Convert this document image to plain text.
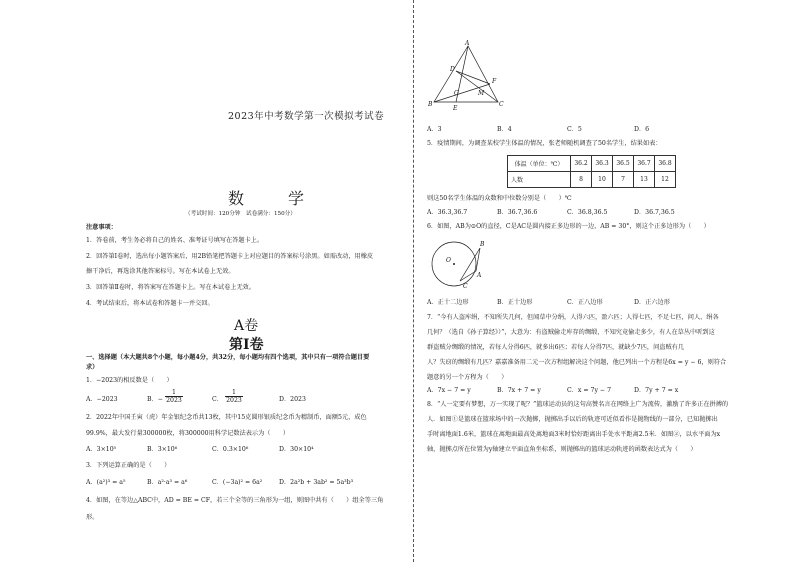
2023年中考数学第一次模拟考试卷
数　学
（考试时间：120分钟　试卷满分：150分）
注意事项：
1．答卷前，考生务必将自己的姓名、准考证号填写在答题卡上。
2．回答第Ⅰ卷时，选出每小题答案后，用2B铅笔把答题卡上对应题目的答案标号涂黑。如需改动，用橡皮
擦干净后，再选涂其他答案标号。写在本试卷上无效。
3．回答第Ⅱ卷时，将答案写在答题卡上。写在本试卷上无效。
4．考试结束后，将本试卷和答题卡一并交回。
A卷
第Ⅰ卷
一、选择题（本大题共8个小题，每小题4分，共32分，每小题均有四个选项，其中只有一项符合题目要
求）
1．−2023的相反数是（　　）
A．−2023	B．−
1
2023	C．
1
2023	D．2023
2．2022年中国壬寅（虎）年金银纪念币共13枚，其中15克圆形银质纪念币为精制币，面额5元，成色
99.9%，最大发行量300000枚，将300000用科学记数法表示为（　　）
A．3×10⁵	B．3×10⁶	C．0.3×10⁶	D．30×10⁴
3．下列运算正确的是（　　）
A．(a²)³ = a⁵	B．a²·a³ = a⁶	C．(−3a)² = 6a²	D．2a²b + 3ab² = 5a³b³
4．如图，在等边△ABC中，AD = BE = CF，若三个全等的三角形为一组，则图中共有（　　）组全等三角
形。
A
D
F
G	M
B
E
C
A．3	B．4	C．5	D．6
5．疫情期间，为调查某校学生体温的情况，张老师随机调查了50名学生，结果如表：
体温（单位：℃）	36.2	36.3	36.5	36.7	36.8
人数	8	10	7	13	12
则这50名学生体温的众数和中位数分别是（　　）℃
A．36.3,36.7	B．36.7,36.6	C．36.8,36.5	D．36.7,36.5
6．如图，AB为⊙O的直径，C是AC是圆内接正多边形的一边，AB = 30°，则这个正多边形为（　　）
B
O
A
C
A．正十二边形	B．正十边形	C．正八边形	D．正六边形
7．“今有人盗库绢，不知所失几何，但闻草中分绢，人得六匹，盈六匹；人得七匹，不足七匹，问人、绢各
几何？（选自《孙子算经》）”，大意为：有盗贼偷走库存的绸缎，不知究竟偷走多少，有人在草丛中听到这
群盗贼分绸缎的情况，若每人分得6匹，就多出6匹；若每人分得7匹，就缺少7匹，问盗贼有几
人？失窃的绸缎有几匹？嘉嘉准备用二元一次方程组解决这个问题，他已列出一个方程是6x = y − 6，则符合
题意的另一个方程为（　　）
A．7x − 7 = y	B．7x + 7 = y	C．x = 7y − 7	D．7y + 7 = x
8．“人一定要有梦想，万一实现了呢？”篮球运动员的这句高赞名言在网络上广为流传，激励了许多正在拼搏的
人．如图①是篮球在篮球场中的一次抛掷，抛掷出手以后的轨迹可近似看作是抛物线的一部分，已知抛掷出
手时离地面1.6米，篮球在离地面最高处离地面3米时恰好距离出手处水平距离2.5米．如图②，以水平面为x
轴，抛掷点所在位置为y轴建立平面直角坐标系，则抛掷出的篮球运动轨迹的函数表达式为（　　）
